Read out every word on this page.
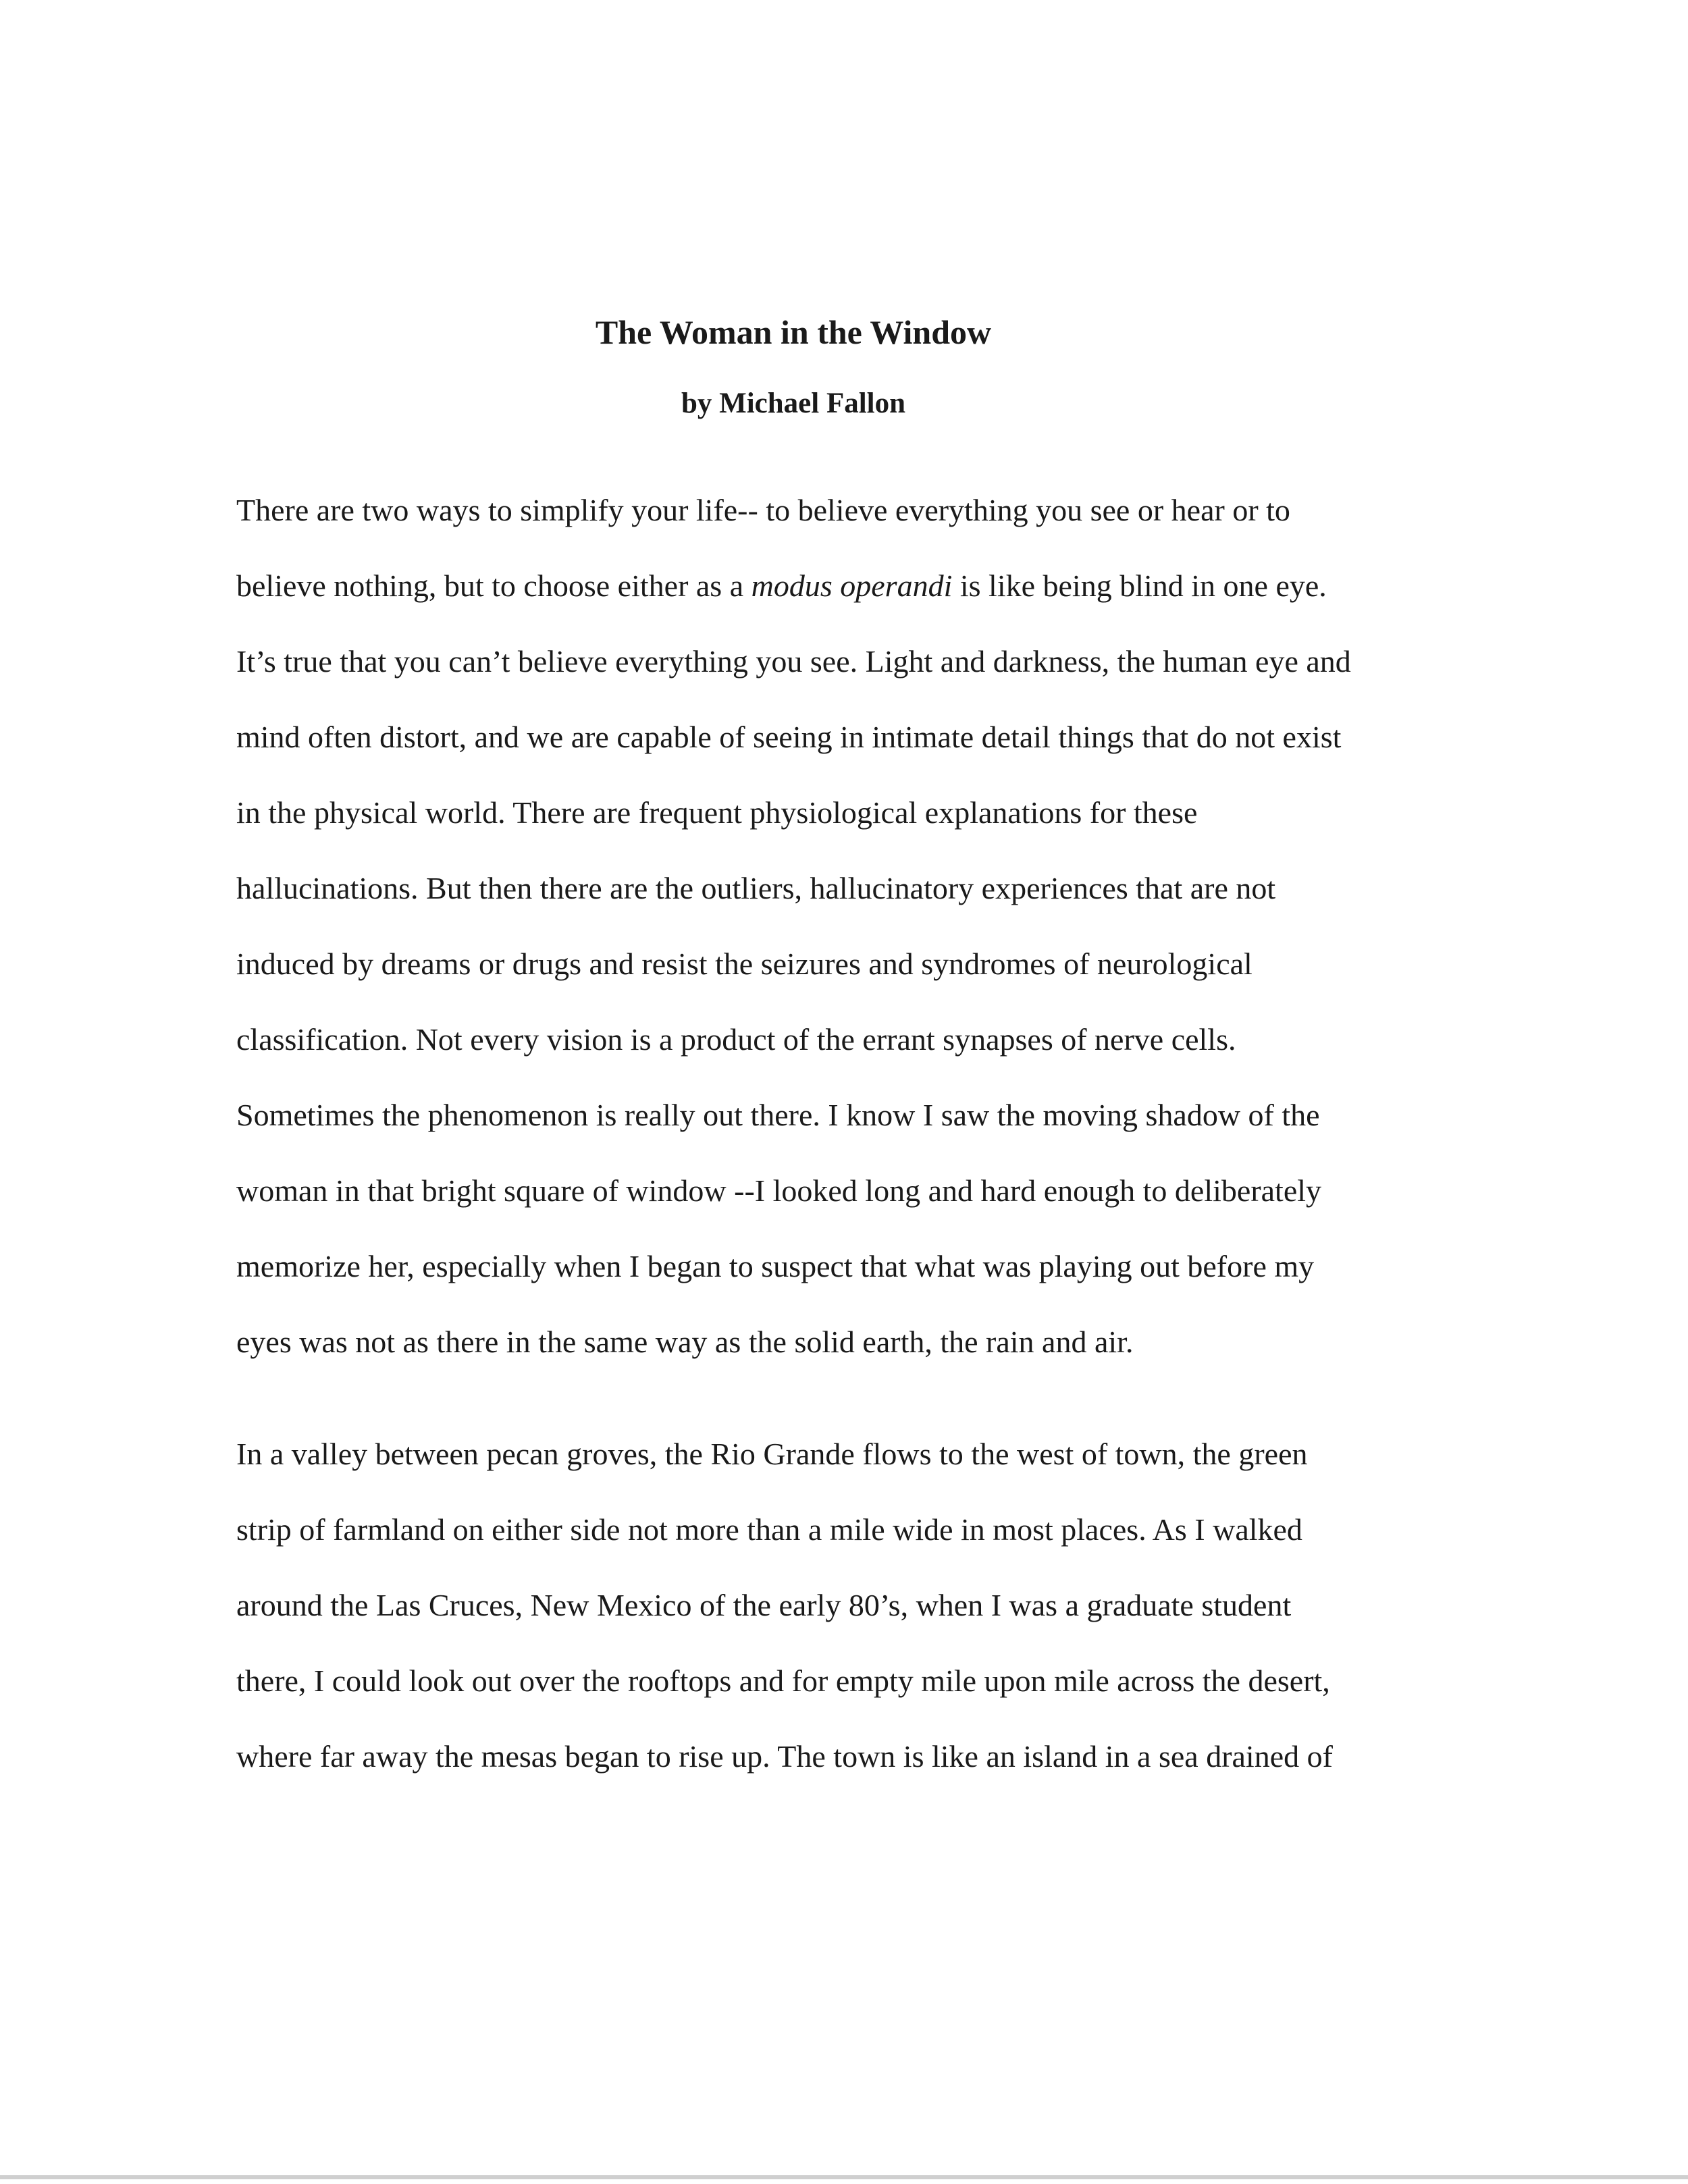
The Woman in the Window
by Michael Fallon
There are two ways to simplify your life-- to believe everything you see or hear or to
believe nothing, but to choose either as a modus operandi is like being blind in one eye.
It’s true that you can’t believe everything you see. Light and darkness, the human eye and
mind often distort, and we are capable of seeing in intimate detail things that do not exist
in the physical world. There are frequent physiological explanations for these
hallucinations. But then there are the outliers, hallucinatory experiences that are not
induced by dreams or drugs and resist the seizures and syndromes of neurological
classification. Not every vision is a product of the errant synapses of nerve cells.
Sometimes the phenomenon is really out there. I know I saw the moving shadow of the
woman in that bright square of window --I looked long and hard enough to deliberately
memorize her, especially when I began to suspect that what was playing out before my
eyes was not as there in the same way as the solid earth, the rain and air.
In a valley between pecan groves, the Rio Grande flows to the west of town, the green
strip of farmland on either side not more than a mile wide in most places. As I walked
around the Las Cruces, New Mexico of the early 80’s, when I was a graduate student
there, I could look out over the rooftops and for empty mile upon mile across the desert,
where far away the mesas began to rise up. The town is like an island in a sea drained of
